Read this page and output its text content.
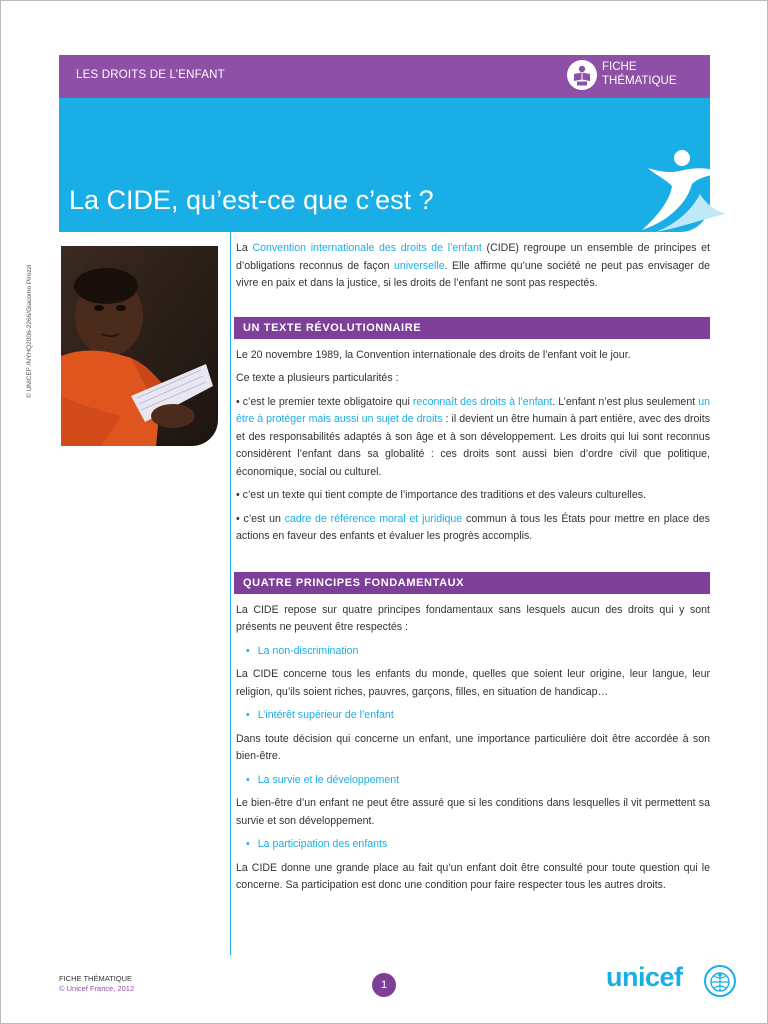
LES DROITS DE L’ENFANT
FICHE
THÉMATIQUE
La CIDE, qu’est-ce que c’est ?
© UNICEF /NYHQ2006-2266/Giacomo Pirozzi

La Convention internationale des droits de l’enfant (CIDE) regroupe un ensemble de principes et d’obligations reconnus de façon universelle. Elle affirme qu’une société ne peut pas envisager de vivre en paix et dans la justice, si les droits de l’enfant ne sont pas respectés.

UN TEXTE RÉVOLUTIONNAIRE

Le 20 novembre 1989, la Convention internationale des droits de l’enfant voit le jour.

Ce texte a plusieurs particularités :

• c’est le premier texte obligatoire qui reconnaît des droits à l’enfant. L’enfant n’est plus seulement un être à protéger mais aussi un sujet de droits : il devient un être humain à part entière, avec des droits et des responsabilités adaptés à son âge et à son développement. Les droits qui lui sont reconnus considèrent l’enfant dans sa globalité : ces droits sont aussi bien d’ordre civil que politique, économique, social ou culturel.

• c’est un texte qui tient compte de l’importance des traditions et des valeurs culturelles.

• c’est un cadre de référence moral et juridique commun à tous les États pour mettre en place des actions en faveur des enfants et évaluer les progrès accomplis.

QUATRE PRINCIPES FONDAMENTAUX

La CIDE repose sur quatre principes fondamentaux sans lesquels aucun des droits qui y sont présents ne peuvent être respectés :

• La non-discrimination

La CIDE concerne tous les enfants du monde, quelles que soient leur origine, leur langue, leur religion, qu’ils soient riches, pauvres, garçons, filles, en situation de handicap…

• L’intérêt supérieur de l’enfant

Dans toute décision qui concerne un enfant, une importance particulière doit être accordée à son bien-être.

• La survie et le développement

Le bien-être d’un enfant ne peut être assuré que si les conditions dans lesquelles il vit permettent sa survie et son développement.

• La participation des enfants

La CIDE donne une grande place au fait qu’un enfant doit être consulté pour toute question qui le concerne. Sa participation est donc une condition pour faire respecter tous les autres droits.

FICHE THÉMATIQUE
© Unicef France, 2012	1	unicef
